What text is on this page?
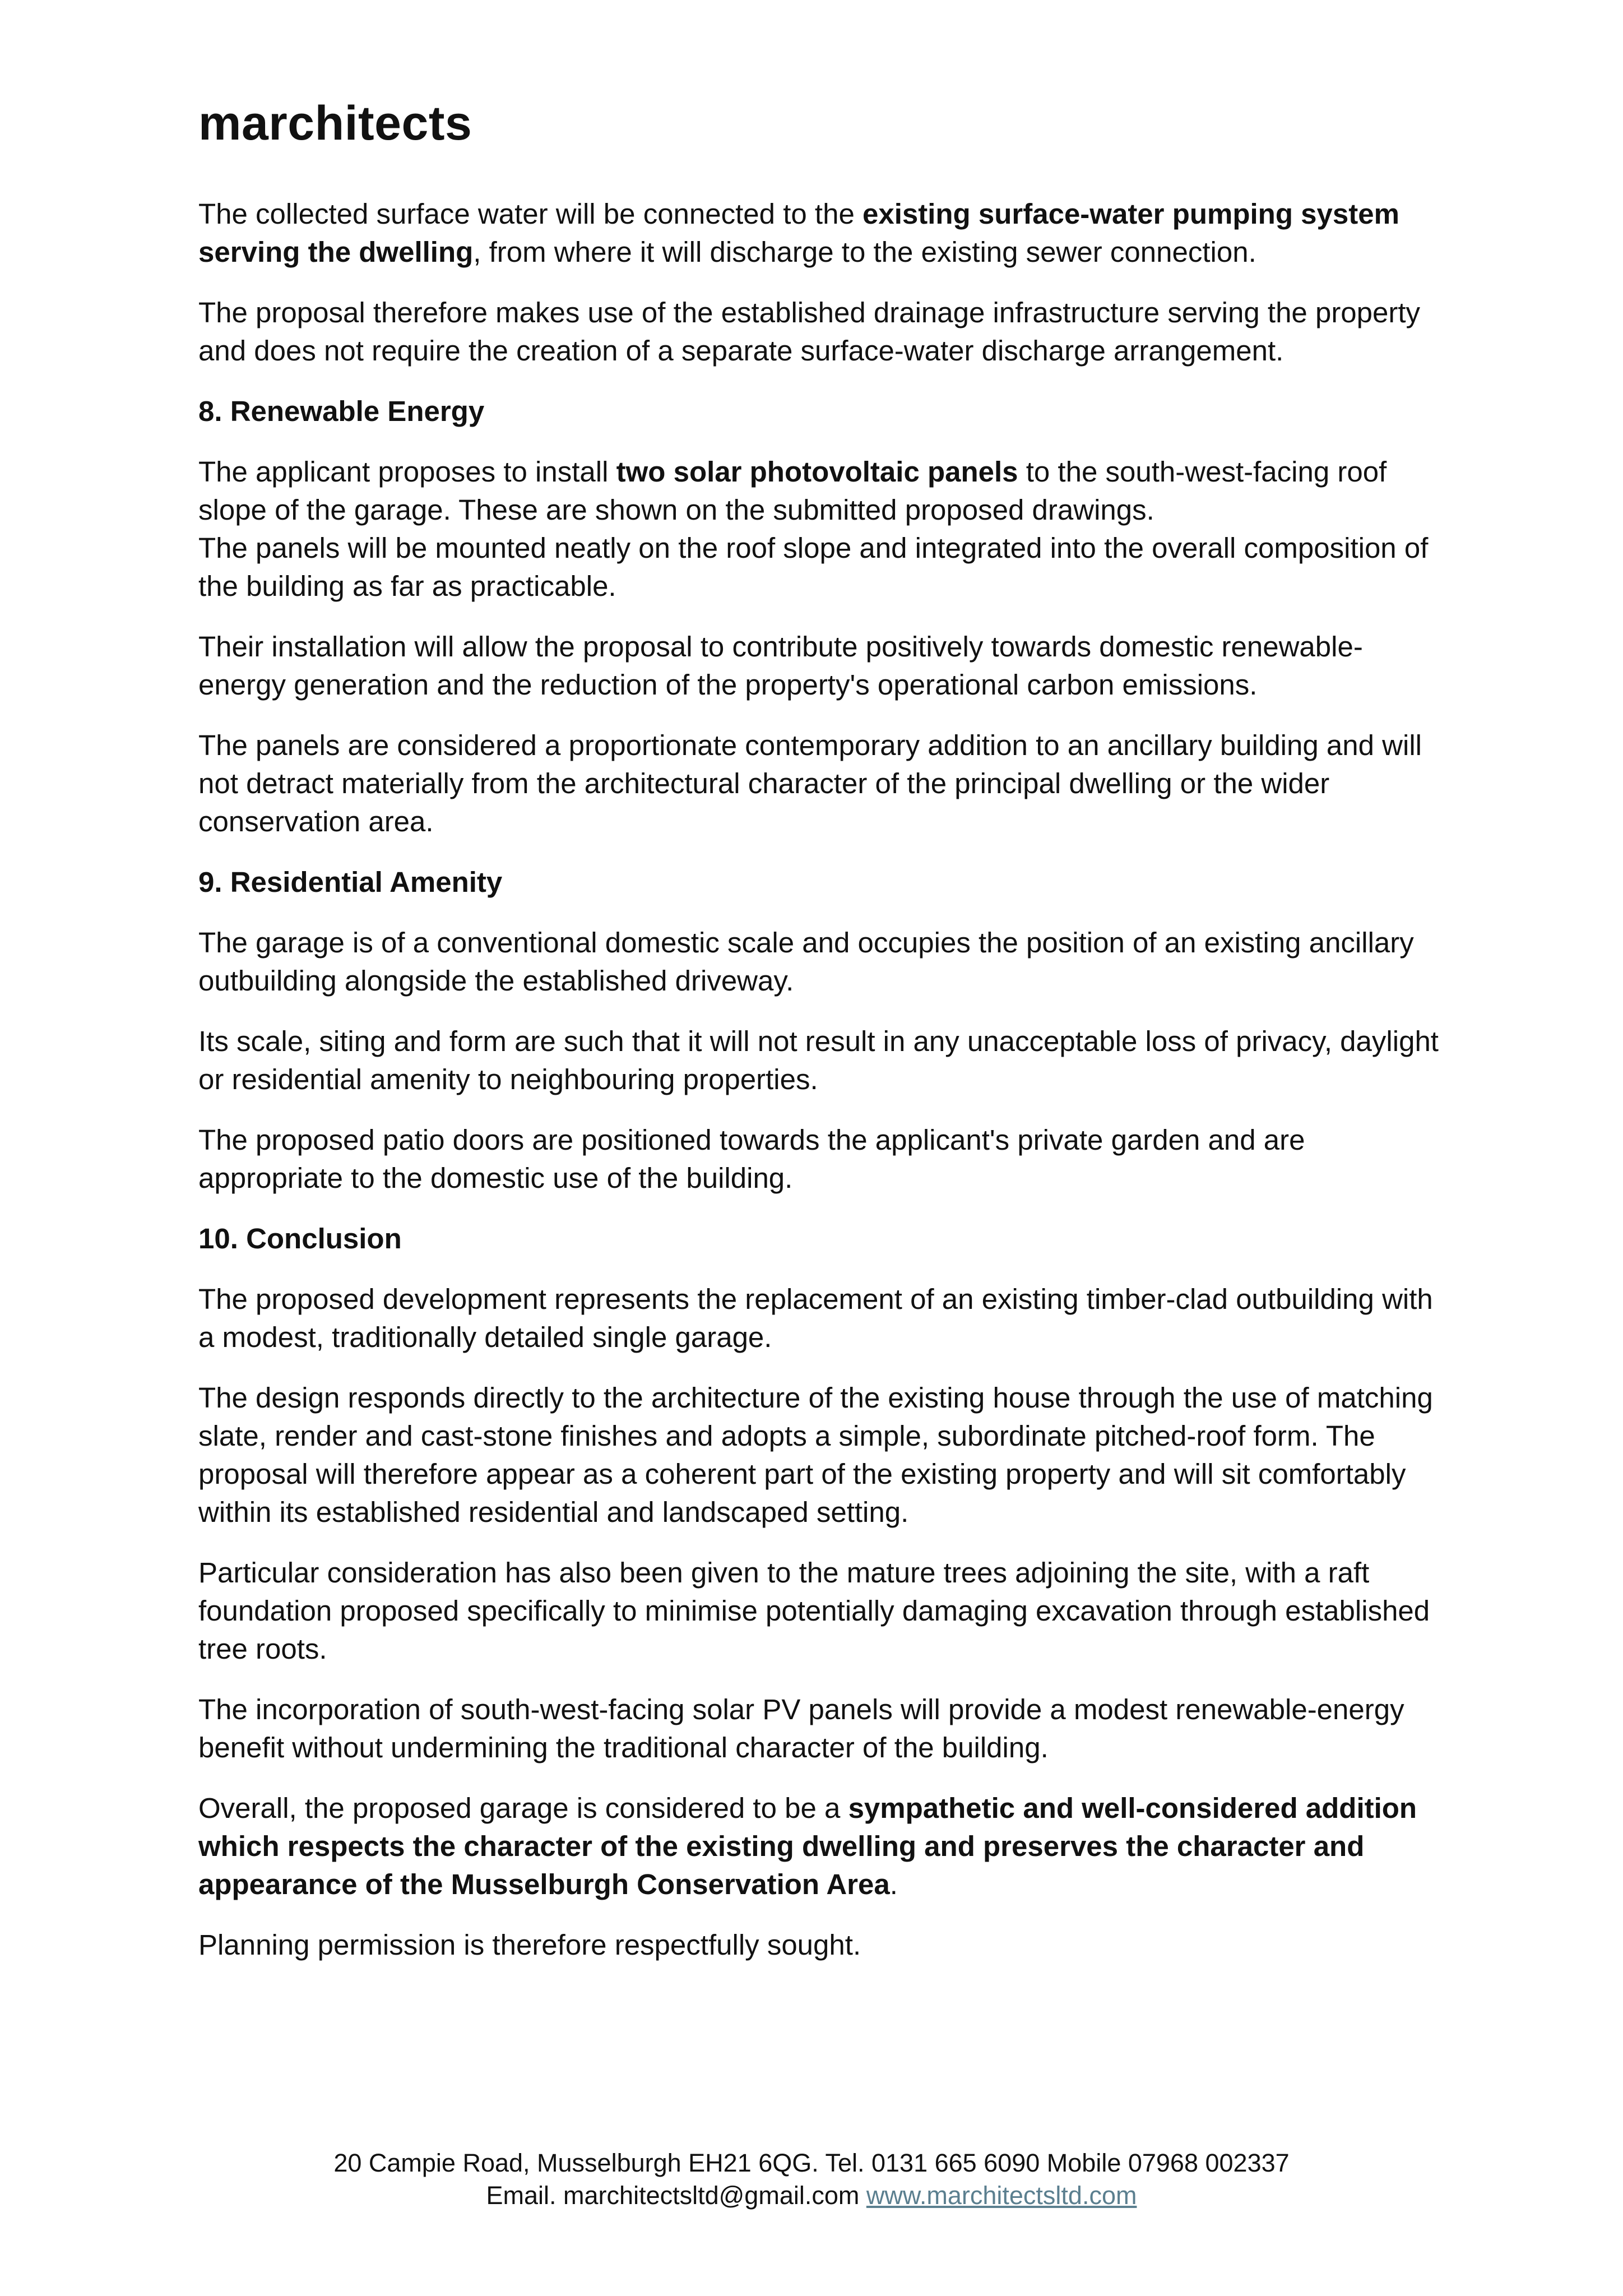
marchitects

The collected surface water will be connected to the existing surface-water pumping system serving the dwelling, from where it will discharge to the existing sewer connection.

The proposal therefore makes use of the established drainage infrastructure serving the property and does not require the creation of a separate surface-water discharge arrangement.

8. Renewable Energy

The applicant proposes to install two solar photovoltaic panels to the south-west-facing roof slope of the garage. These are shown on the submitted proposed drawings.

The panels will be mounted neatly on the roof slope and integrated into the overall composition of the building as far as practicable.

Their installation will allow the proposal to contribute positively towards domestic renewable-energy generation and the reduction of the property's operational carbon emissions.

The panels are considered a proportionate contemporary addition to an ancillary building and will not detract materially from the architectural character of the principal dwelling or the wider conservation area.

9. Residential Amenity

The garage is of a conventional domestic scale and occupies the position of an existing ancillary outbuilding alongside the established driveway.

Its scale, siting and form are such that it will not result in any unacceptable loss of privacy, daylight or residential amenity to neighbouring properties.

The proposed patio doors are positioned towards the applicant's private garden and are appropriate to the domestic use of the building.

10. Conclusion

The proposed development represents the replacement of an existing timber-clad outbuilding with a modest, traditionally detailed single garage.

The design responds directly to the architecture of the existing house through the use of matching slate, render and cast-stone finishes and adopts a simple, subordinate pitched-roof form. The proposal will therefore appear as a coherent part of the existing property and will sit comfortably within its established residential and landscaped setting.

Particular consideration has also been given to the mature trees adjoining the site, with a raft foundation proposed specifically to minimise potentially damaging excavation through established tree roots.

The incorporation of south-west-facing solar PV panels will provide a modest renewable-energy benefit without undermining the traditional character of the building.

Overall, the proposed garage is considered to be a sympathetic and well-considered addition which respects the character of the existing dwelling and preserves the character and appearance of the Musselburgh Conservation Area.

Planning permission is therefore respectfully sought.

20 Campie Road, Musselburgh EH21 6QG. Tel. 0131 665 6090 Mobile 07968 002337
Email. marchitectsltd@gmail.com www.marchitectsltd.com
